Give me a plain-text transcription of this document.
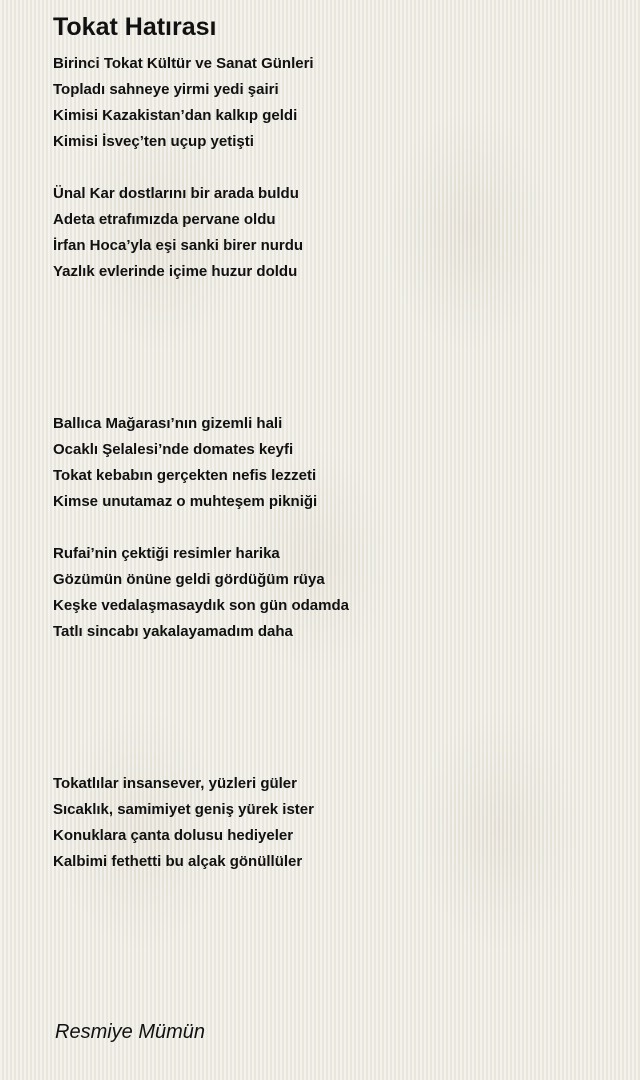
Tokat Hatırası
Birinci Tokat Kültür ve Sanat Günleri
Topladı sahneye yirmi yedi şairi
Kimisi Kazakistan’dan kalkıp geldi
Kimisi İsveç’ten uçup yetişti
Ünal Kar dostlarını bir arada buldu
Adeta etrafımızda pervane oldu
İrfan Hoca’yla eşi sanki birer nurdu
Yazlık evlerinde içime huzur doldu
Ballıca Mağarası’nın gizemli hali
Ocaklı Şelalesi’nde domates keyfi
Tokat kebabın gerçekten nefis lezzeti
Kimse unutamaz o muhteşem pikniği
Rufai’nin çektiği resimler harika
Gözümün önüne geldi gördüğüm rüya
Keşke vedalaşmasaydık son gün odamda
Tatlı sincabı yakalayamadım daha
Tokatlılar insansever, yüzleri güler
Sıcaklık, samimiyet geniş yürek ister
Konuklara çanta dolusu hediyeler
Kalbimi fethetti bu alçak gönüllüler
Resmiye Mümün
